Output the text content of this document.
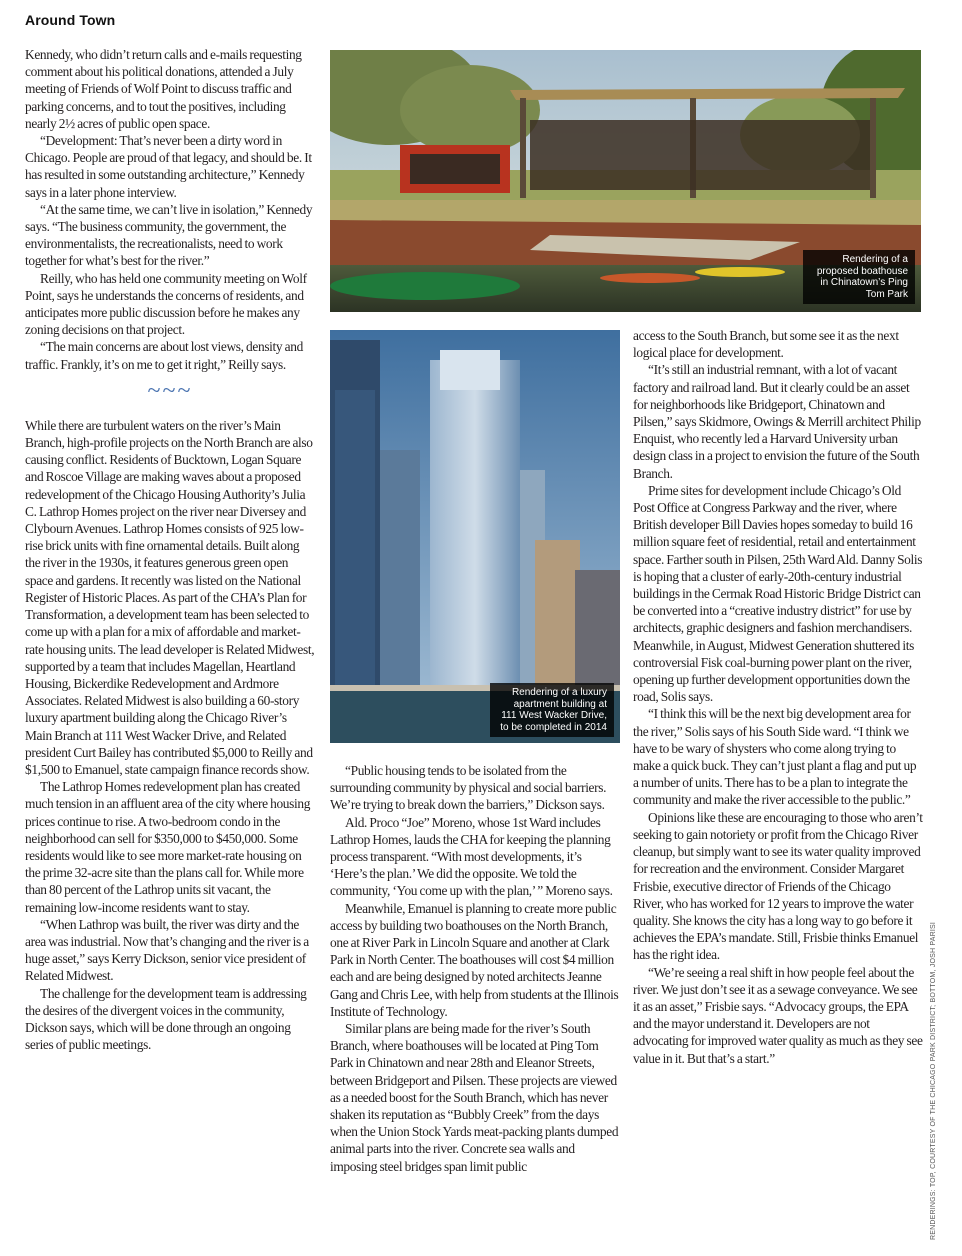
Around Town

Kennedy, who didn’t return calls and e-mails requesting comment about his political donations, attended a July meeting of Friends of Wolf Point to discuss traffic and parking concerns, and to tout the positives, including nearly 2½ acres of public open space.

“Development: That’s never been a dirty word in Chicago. People are proud of that legacy, and should be. It has resulted in some outstanding architecture,” Kennedy says in a later phone interview.

“At the same time, we can’t live in isolation,” Kennedy says. “The business community, the government, the environmentalists, the recreationalists, need to work together for what’s best for the river.”

Reilly, who has held one community meeting on Wolf Point, says he understands the concerns of residents, and anticipates more public discussion before he makes any zoning decisions on that project.

“The main concerns are about lost views, density and traffic. Frankly, it’s on me to get it right,” Reilly says.

~~~

While there are turbulent waters on the river’s Main Branch, high-profile projects on the North Branch are also causing conflict. Residents of Bucktown, Logan Square and Roscoe Village are making waves about a proposed redevelopment of the Chicago Housing Authority’s Julia C. Lathrop Homes project on the river near Diversey and Clybourn Avenues. Lathrop Homes consists of 925 low-rise brick units with fine ornamental details. Built along the river in the 1930s, it features generous green open space and gardens. It recently was listed on the National Register of Historic Places. As part of the CHA’s Plan for Transformation, a development team has been selected to come up with a plan for a mix of affordable and market-rate housing units. The lead developer is Related Midwest, supported by a team that includes Magellan, Heartland Housing, Bickerdike Redevelopment and Ardmore Associates. Related Midwest is also building a 60-story luxury apartment building along the Chicago River’s Main Branch at 111 West Wacker Drive, and Related president Curt Bailey has contributed $5,000 to Reilly and $1,500 to Emanuel, state campaign finance records show.

The Lathrop Homes redevelopment plan has created much tension in an affluent area of the city where housing prices continue to rise. A two-bedroom condo in the neighborhood can sell for $350,000 to $450,000. Some residents would like to see more market-rate housing on the prime 32-acre site than the plans call for. While more than 80 percent of the Lathrop units sit vacant, the remaining low-income residents want to stay.

“When Lathrop was built, the river was dirty and the area was industrial. Now that’s changing and the river is a huge asset,” says Kerry Dickson, senior vice president of Related Midwest.

The challenge for the development team is addressing the desires of the divergent voices in the community, Dickson says, which will be done through an ongoing series of public meetings.

Rendering of a proposed boathouse in Chinatown’s Ping Tom Park
Rendering of a luxury apartment building at 111 West Wacker Drive, to be completed in 2014

“Public housing tends to be isolated from the surrounding community by physical and social barriers. We’re trying to break down the barriers,” Dickson says.

Ald. Proco “Joe” Moreno, whose 1st Ward includes Lathrop Homes, lauds the CHA for keeping the planning process transparent. “With most developments, it’s ‘Here’s the plan.’ We did the opposite. We told the community, ‘You come up with the plan,’ ” Moreno says.

Meanwhile, Emanuel is planning to create more public access by building two boathouses on the North Branch, one at River Park in Lincoln Square and another at Clark Park in North Center. The boathouses will cost $4 million each and are being designed by noted architects Jeanne Gang and Chris Lee, with help from students at the Illinois Institute of Technology.

Similar plans are being made for the river’s South Branch, where boathouses will be located at Ping Tom Park in Chinatown and near 28th and Eleanor Streets, between Bridgeport and Pilsen. These projects are viewed as a needed boost for the South Branch, which has never shaken its reputation as “Bubbly Creek” from the days when the Union Stock Yards meat-packing plants dumped animal parts into the river. Concrete sea walls and imposing steel bridges span limit public

access to the South Branch, but some see it as the next logical place for development.

“It’s still an industrial remnant, with a lot of vacant factory and railroad land. But it clearly could be an asset for neighborhoods like Bridgeport, Chinatown and Pilsen,” says Skidmore, Owings & Merrill architect Philip Enquist, who recently led a Harvard University urban design class in a project to envision the future of the South Branch.

Prime sites for development include Chicago’s Old Post Office at Congress Parkway and the river, where British developer Bill Davies hopes someday to build 16 million square feet of residential, retail and entertainment space. Farther south in Pilsen, 25th Ward Ald. Danny Solis is hoping that a cluster of early-20th-century industrial buildings in the Cermak Road Historic Bridge District can be converted into a “creative industry district” for use by architects, graphic designers and fashion merchandisers. Meanwhile, in August, Midwest Generation shuttered its controversial Fisk coal-burning power plant on the river, opening up further development opportunities down the road, Solis says.

“I think this will be the next big development area for the river,” Solis says of his South Side ward. “I think we have to be wary of shysters who come along trying to make a quick buck. They can’t just plant a flag and put up a number of units. There has to be a plan to integrate the community and make the river accessible to the public.”

Opinions like these are encouraging to those who aren’t seeking to gain notoriety or profit from the Chicago River cleanup, but simply want to see its water quality improved for recreation and the environment. Consider Margaret Frisbie, executive director of Friends of the Chicago River, who has worked for 12 years to improve the water quality. She knows the city has a long way to go before it achieves the EPA’s mandate. Still, Frisbie thinks Emanuel has the right idea.

“We’re seeing a real shift in how people feel about the river. We just don’t see it as a sewage conveyance. We see it as an asset,” Frisbie says. “Advocacy groups, the EPA and the mayor understand it. Developers are not advocating for improved water quality as much as they see value in it. But that’s a start.”	RENDERINGS: TOP, COURTESY OF THE CHICAGO PARK DISTRICT; BOTTOM, JOSH PARISI
